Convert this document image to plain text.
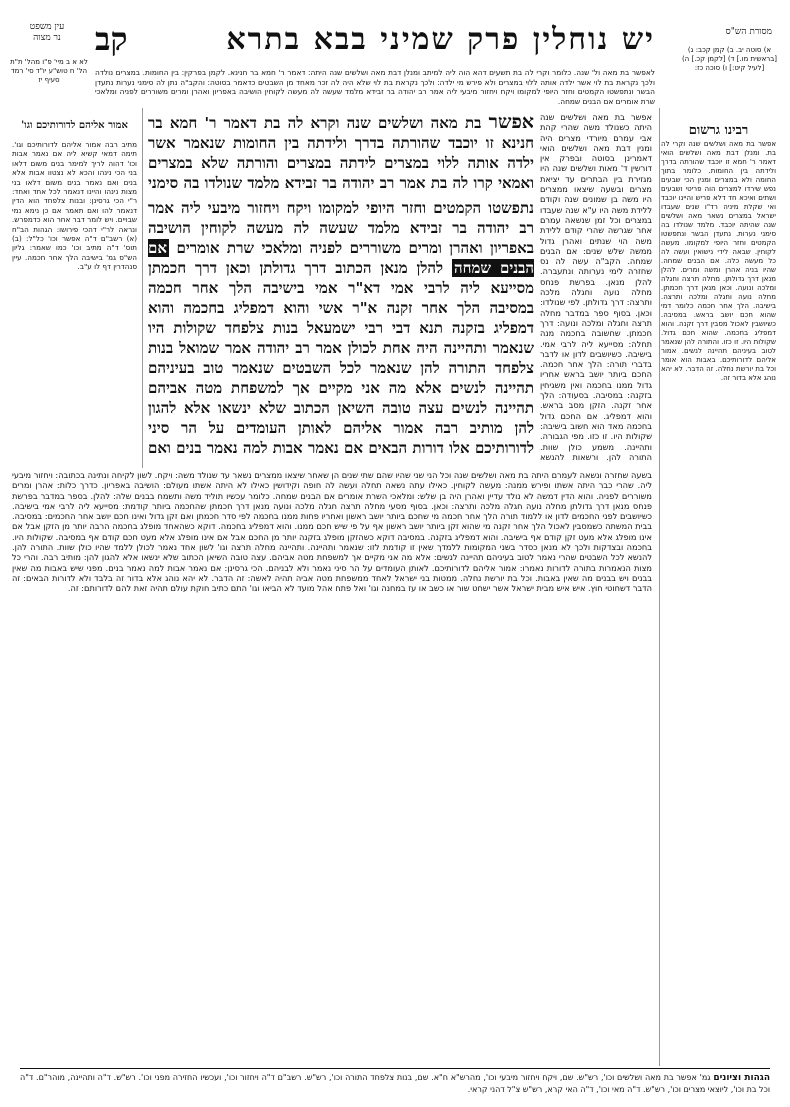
קב	יש נוחלין פרק שמיני בבא בתרא	מסורת הש"ס
עין משפט
נר מצוה
לא א ב מיי' פ"ו מהל' ת"ת הל' ח טוש"ע יו"ד סי' רמד סעיף יז
א) סוטה יב. ב) קמן קכב: ג) [בראשית מו.] ד) [לקמן קכ.] ה) [לעיל קיט:] ו) סוכה כז:
לאפשר בת מאה ול' שנה. כלומר וקרי לה בת תשעים דהא הוה ליה למיתב ומנלן דבת מאה ושלשים שנה היתה: דאמר ר' חמא בר חנינא. לקמן בפרקין: בין החומות. במצרים נולדה ולכך נקראת בת לוי אשר ילדה אותה ללוי במצרים ולא פירש מי ילדה: ולכך נקראת בת לוי שלא היה לה זכר מאחד מן השבטים כדאמר בסוטה: והקב"ה נתן לה סימני נערות נתעדן הבשר ונתפשטו הקמטים וחזר היופי למקומו ויקח ויחזור מיבעי ליה אמר רב יהודה בר זבידא מלמד שעשה לה מעשה לקוחין הושיבה באפריון ואהרן ומרים משוררים לפניה ומלאכי שרת אומרים אם הבנים שמחה.
רבינו גרשום
אפשר בת מאה ושלשים שנה וקרי לה בת. ומנלן דבת מאה ושלשים הואי דאמר ר' חמא זו יוכבד שהורתה בדרך ולידתה בין החומות. כלומר בתוך החומה ולא במצרים ומנין הכי שבעים נפש שירדו למצרים הוה פריטי ושבעים ושתים ואיכא חד דלא פריש והיינו יוכבד ואי שקלת מיניה רד"ו שנים שעבדו ישראל במצרים נשאר מאה ושלשים שנה שהיתה יוכבד. מלמד שנולדו בה סימני נערות. נתעדן הבשר ונתפשטו הקמטים וחזר היופי למקומו. מעשה לקוחין. שבאה לידי נישואין ועשה לה כל מעשה כלה. אם הבנים שמחה. שהיו בניה אהרן ומשה ומרים. להלן מנאן דרך גדולתן. מחלה תרצה וחגלה ומלכה ונועה. וכאן מנאן דרך חכמתן. מחלה נועה וחגלה ומלכה ותרצה. בישיבה. הלך אחר חכמה כלומר דמי שהוא חכם יושב בראש. במסיבה. כשיושבין לאכול מסבין דרך זקנה. והוא דמפליג בחכמה. שהוא חכם גדול. שקולות היו. זו כזו. והתורה להן שנאמר לטוב בעיניהם תהיינה לנשים. אמור אליהם לדורותיכם. באבות הוא אומר וכל בת יורשת נחלה. זה הדבר. לא יהא נוהג אלא בדור זה.
אפשר בת מאה ושלשים שנה היתה כשנולד משה שהרי קהת אבי עמרם מיורדי מצרים היה ומנין דבת מאה ושלשים הואי דאמרינן בסוטה ובפרק אין דורשין ד' מאות ושלשים שנה היו מגזירת בין הבתרים עד יציאת מצרים ובשעה שיצאו ממצרים היו משה בן שמונים שנה וקודם ללידת משה היו ע"א שנה שעבדו במצרים וכל זמן שנשאה עמרם אחר שגרשה שהרי קודם ללידת משה הוי שנתים ואהרן גדול ממשה שלש שנים: אם הבנים שמחה. הקב"ה עשה לה נס שחזרה לימי נערותה ונתעברה. להלן מנאן. בפרשת פנחס מחלה נועה וחגלה מלכה ותרצה: דרך גדולתן. לפי שנולדו: וכאן. בסוף ספר במדבר מחלה תרצה וחגלה ומלכה ונועה: דרך חכמתן. שחשובה בחכמה מנה תחלה: מסייעא ליה לרבי אמי. בישיבה. כשיושבים לדון או לדבר בדברי תורה: הלך אחר חכמה. החכם ביותר יושב בראש אחריו גדול ממנו בחכמה ואין משגיחין בזקנה: במסיבה. בסעודה: הלך אחר זקנה. הזקן מסב בראש. והוא דמפליג. אם החכם גדול בחכמה מאד הוא חשוב בישיבה: שקולות היו. זו כזו. מפי הגבורה. ותהיינה. משמע כולן שוות. התורה להן. ורשאות להנשא
אמור אליהם לדורותיכם וגו'
מתיב רבה אמור אליהם לדורותיכם וגו'. תימה דמאי קשיא ליה אם נאמר אבות וכו' דהוה לריך למימר בנים משום דלאו בני הכי נינהו והכא לא נצטוו אבות אלא בנים ואם נאמר בנים משום דלאו בני מצות נינהו והיינו דנאמר לכל אחד ואחד: ר"י הכי גרסינן: ובנות צלפחד הוא הדין דנאמר להו ואם תאמר אם כן נימא נמי שבויים. ויש לומר דבר אחר הוא כדמפרש. ונראה לר"י דהכי פירושו: הגהות הב"ח (א) רשב"ם ד"ה אפשר וכו' כל"ל: (ב) תוס' ד"ה מתיב וכו' כמו שאמר: גליון הש"ס גמ' בישיבה הלך אחר חכמה. עיין סנהדרין דף לו ע"ב.
אפשר בת מאה ושלשים שנה וקרא לה בת דאמר ר' חמא בר חנינא זו יוכבד שהורתה בדרך ולידתה בין החומות שנאמר אשר ילדה אותה ללוי במצרים לידתה במצרים והורתה שלא במצרים ואמאי קרו לה בת אמר רב יהודה בר זבידא מלמד שנולדו בה סימני
נתפשטו הקמטים וחזר היופי למקומו ויקח ויחזור מיבעי ליה אמר רב יהודה בר זבידא מלמד שעשה לה מעשה לקוחין הושיבה באפריון ואהרן ומרים משוררים לפניה ומלאכי שרת אומרים אם הבנים שמחה להלן מנאן הכתוב דרך גדולתן וכאן דרך חכמתן מסייעא ליה לרבי אמי דא"ר אמי בישיבה הלך אחר חכמה במסיבה הלך אחר זקנה א"ר אשי והוא דמפליג בחכמה והוא דמפליג בזקנה תנא דבי רבי ישמעאל בנות צלפחד שקולות היו שנאמר ותהיינה היה אחת לכולן אמר רב יהודה אמר שמואל בנות צלפחד התורה להן שנאמר לכל השבטים שנאמר טוב בעיניהם תהיינה לנשים אלא מה אני מקיים אך למשפחת מטה אביהם תהיינה לנשים עצה טובה השיאן הכתוב שלא ינשאו אלא להגון להן מותיב רבה אמור אליהם לאותן העומדים על הר סיני לדורותיכם אלו דורות הבאים אם נאמר אבות למה נאמר בנים ואם
בשעה שחזרה ונשאה לעמרם היתה בת מאה ושלשים שנה וכל הני שני שהיו שהם שתי שנים הן שאחר שיצאו ממצרים נשאר עד שנולד משה: ויקח. לשון לקיחה ונתינה בכתובה: ויחזור מיבעי ליה. שהרי כבר היתה אשתו ופירש ממנה: מעשה לקוחין. כאילו עתה נשאה תחלה ועשה לה חופה וקידושין כאילו לא היתה אשתו מעולם: הושיבה באפריון. כדרך כלות: אהרן ומרים משוררים לפניה. והוא הדין דמשה לא נולד עדיין ואהרן היה בן שלש: ומלאכי השרת אומרים אם הבנים שמחה. כלומר עכשיו תוליד משה ותשמח בבנים שלה: להלן. בספר במדבר בפרשת פנחס מנאן דרך גדולתן מחלה נועה חגלה מלכה ותרצה: וכאן. בסוף מסעי מחלה תרצה חגלה מלכה ונועה מנאן דרך חכמתן שהחכמה ביותר קודמת: מסייעא ליה לרבי אמי בישיבה. כשיושבים לפני החכמים לדון או ללמוד תורה הלך אחר חכמה מי שחכם ביותר יושב ראשון ואחריו פחות ממנו בחכמה לפי סדר חכמתן ואם זקן גדול ואינו חכם יושב אחר החכמים: במסיבה. בבית המשתה כשמסבין לאכול הלך אחר זקנה מי שהוא זקן ביותר יושב ראשון אף על פי שיש חכם ממנו. והוא דמפליג בחכמה. דוקא כשהאחד מופלג בחכמה הרבה יותר מן הזקן אבל אם אינו מופלג אלא מעט זקן קודם אף בישיבה. והוא דמפליג בזקנה. במסיבה דוקא כשהזקן מופלג בזקנה יותר מן החכם אבל אם אינו מופלג אלא מעט חכם קודם אף במסיבה. שקולות היו. בחכמה ובצדקות ולכך לא מנאן כסדר בשני המקומות ללמדך שאין זו קודמת לזו: שנאמר ותהיינה. ותהיינה מחלה תרצה וגו' לשון אחד נאמר לכולן ללמד שהיו כולן שוות. התורה להן. להנשא לכל השבטים שהרי נאמר לטוב בעיניהם תהיינה לנשים: אלא מה אני מקיים אך למשפחת מטה אביהם. עצה טובה השיאן הכתוב שלא ינשאו אלא להגון להן: מותיב רבה. והרי כל מצות הנאמרות בתורה לדורות נאמרו: אמור אליהם לדורותיכם. לאותן העומדים על הר סיני נאמר ולא לבניהם. הכי גרסינן: אם נאמר אבות למה נאמר בנים. מפני שיש באבות מה שאין בבנים ויש בבנים מה שאין באבות. וכל בת יורשת נחלה. ממטות בני ישראל לאחד ממשפחת מטה אביה תהיה לאשה: זה הדבר. לא יהא נוהג אלא בדור זה בלבד ולא לדורות הבאים: זה הדבר דשחוטי חוץ. איש איש מבית ישראל אשר ישחט שור או כשב או עז במחנה וגו' ואל פתח אהל מועד לא הביאו וגו' התם כתיב חוקת עולם תהיה זאת להם לדורותם: זה.
הגהות וציונים גמ' אפשר בת מאה ושלשים וכו', רש"ש. שם, ויקח ויחזור מיבעי וכו', מהרש"א ח"א. שם, בנות צלפחד התורה וכו', רש"ש. רשב"ם ד"ה ויחזור וכו', ועכשיו החזירה מפני וכו'. רש"ש. ד"ה ותהיינה, מוהר"ם. ד"ה וכל בת וכו', ליוצאי מצרים וכו', רש"ש. ד"ה מאי וכו', ד"ה האי קרא, רש"ש צ"ל דהני קראי.
